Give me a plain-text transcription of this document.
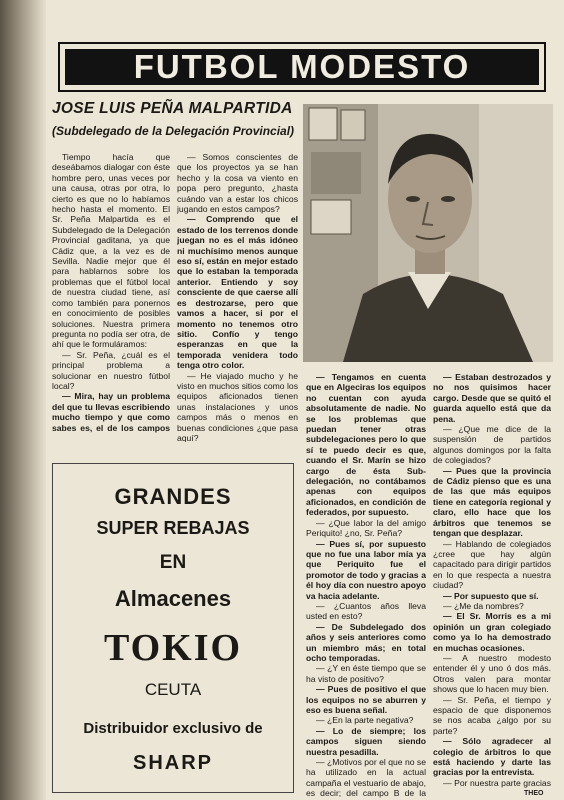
FUTBOL MODESTO
JOSE LUIS PEÑA MALPARTIDA
(Subdelegado de la Delegación Provincial)

Tiempo hacía que deseábamos dialogar con éste hombre pero, unas veces por una causa, otras por otra, lo cierto es que no lo habíamos hecho hasta el momento. El Sr. Peña Malpartida es el Subdelegado de la Delegación Provincial gaditana, ya que Cádiz que, a la vez es de Sevilla. Nadie mejor que él para hablarnos sobre los problemas que el fútbol local de nuestra ciudad tiene, así como también para ponernos en conocimiento de posibles soluciones. Nuestra primera pregunta no podía ser otra, de ahí que le formuláramos:

— Sr. Peña, ¿cuál es el principal problema a solucionar en nuestro fútbol local?

— Mira, hay un problema del que tu llevas escribiendo mucho tiempo y que como sabes es, el de los campos

— Somos conscientes de que los proyectos ya se han hecho y la cosa va viento en popa pero pregunto, ¿hasta cuándo van a estar los chicos jugando en estos campos?

— Comprendo que el estado de los terrenos donde juegan no es el más idóneo ni muchísimo menos aunque eso sí, están en mejor estado que lo estaban la temporada anterior. Entiendo y soy consciente de que caerse allí es destrozarse, pero que vamos a hacer, si por el momento no tenemos otro sitio. Confío y tengo esperanzas en que la temporada venidera todo tenga otro color.

— He viajado mucho y he visto en muchos sitios como los equipos aficionados tienen unas instalaciones y unos campos más o menos en buenas condiciones ¿que pasa aquí?

— Tengamos en cuenta que en Algeciras los equipos no cuentan con ayuda absolutamente de nadie. No se los problemas que puedan tener otras subdelegaciones pero lo que sí te puedo decir es que, cuando el Sr. Marín se hizo cargo de ésta Sub-delegación, no contábamos apenas con equipos aficionados, en condición de federados, por supuesto.

— ¿Que labor la del amigo Periquito! ¿no, Sr. Peña?

— Pues sí, por supuesto que no fue una labor mía ya que Periquito fue el promotor de todo y gracias a él hoy día con nuestro apoyo va hacia adelante.

— ¿Cuantos años lleva usted en esto?

— De Subdelegado dos años y seis anteriores como un miembro más; en total ocho temporadas.

— ¿Y en éste tiempo que se ha visto de positivo?

— Pues de positivo el que los equipos no se aburren y eso es buena señal.

— ¿En la parte negativa?

— Lo de siempre; los campos siguen siendo nuestra pesadilla.

— ¿Motivos por el que no se ha utilizado en la actual campaña el vestuario de abajo, es decir; del campo B de la

— Estaban destrozados y no nos quisimos hacer cargo. Desde que se quitó el guarda aquello está que da pena.

— ¿Que me dice de la suspensión de partidos algunos domingos por la falta de colegiados?

— Pues que la provincia de Cádiz pienso que es una de las que más equipos tiene en categoría regional y claro, ello hace que los árbitros que tenemos se tengan que desplazar.

— Hablando de colegiados ¿cree que hay algún capacitado para dirigir partidos en lo que respecta a nuestra ciudad?

— Por supuesto que sí.

— ¿Me da nombres?

— El Sr. Morris es a mi opinión un gran colegiado como ya lo ha demostrado en muchas ocasiones.

— A nuestro modesto entender él y uno ó dos más. Otros valen para montar shows que lo hacen muy bien.

— Sr. Peña, el tiempo y espacio de que disponemos se nos acaba ¿algo por su parte?

— Sólo agradecer al colegio de árbitros lo que está haciendo y darte las gracias por la entrevista.

— Por nuestra parte gracias

THEO
GRANDES
SUPER REBAJAS
EN
Almacenes
TOKIO
CEUTA
Distribuidor exclusivo de
SHARP
